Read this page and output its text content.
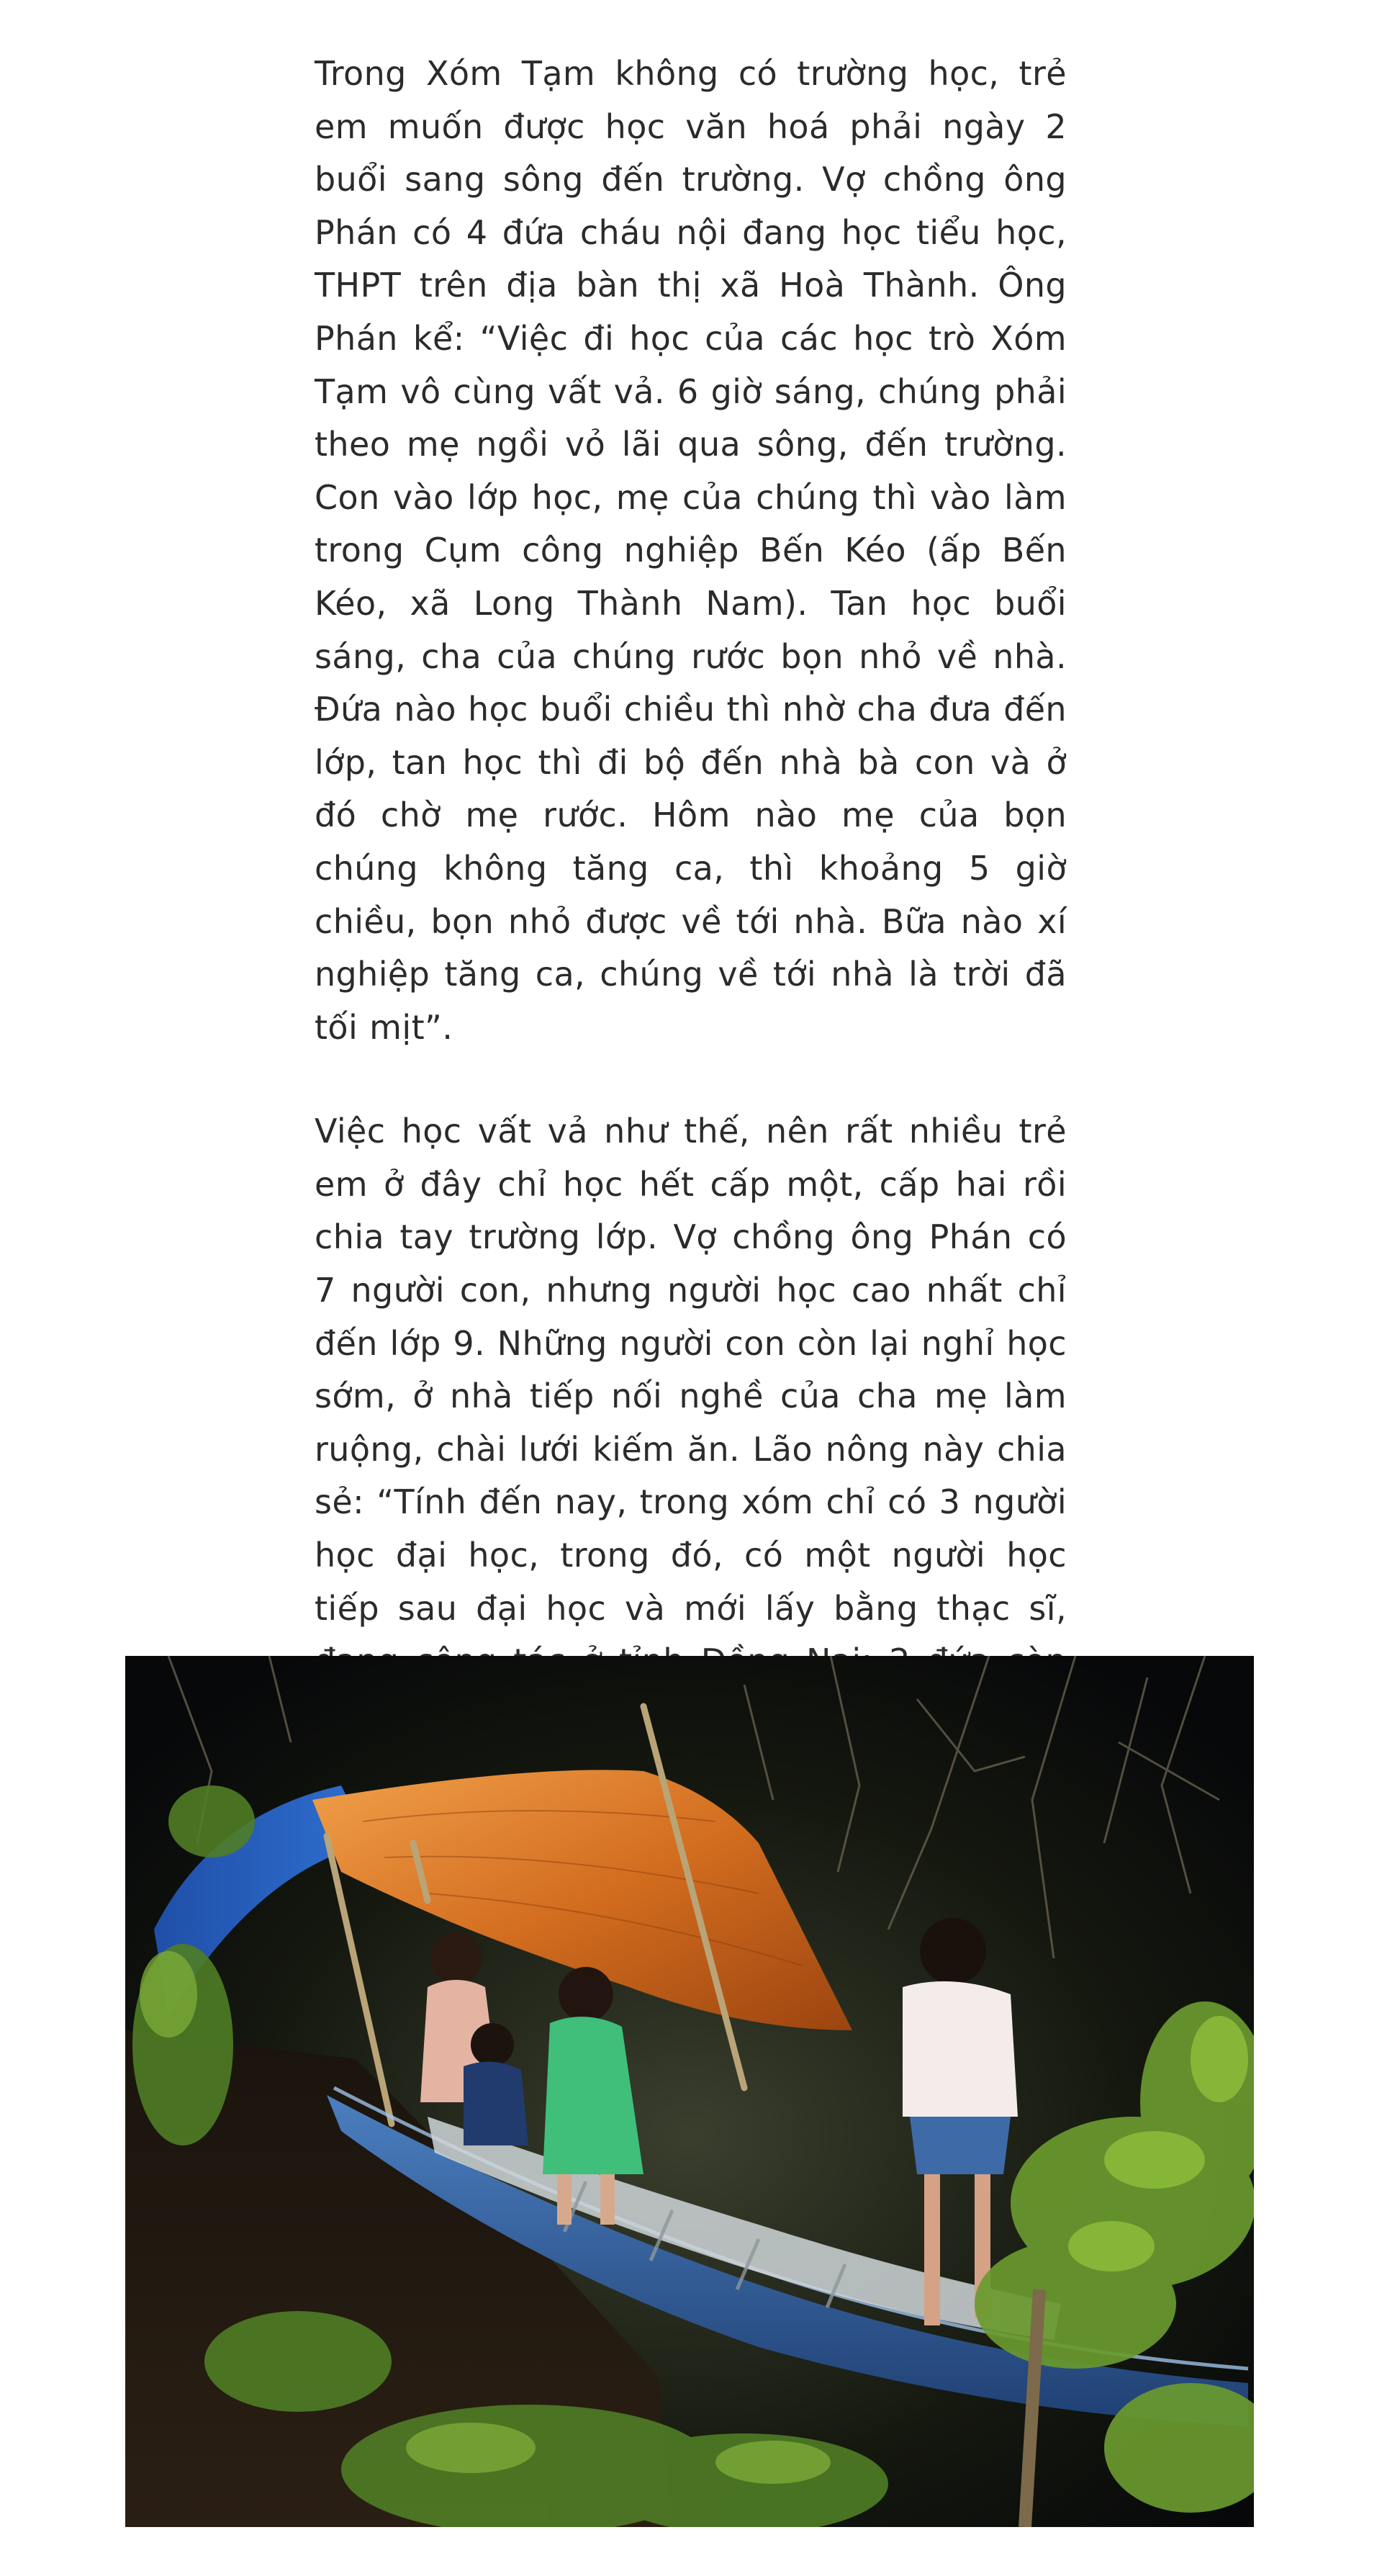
Trong Xóm Tạm không có trường học, trẻ em muốn được học văn hoá phải ngày 2 buổi sang sông đến trường. Vợ chồng ông Phán có 4 đứa cháu nội đang học tiểu học, THPT trên địa bàn thị xã Hoà Thành. Ông Phán kể: “Việc đi học của các học trò Xóm Tạm vô cùng vất vả. 6 giờ sáng, chúng phải theo mẹ ngồi vỏ lãi qua sông, đến trường. Con vào lớp học, mẹ của chúng thì vào làm trong Cụm công nghiệp Bến Kéo (ấp Bến Kéo, xã Long Thành Nam). Tan học buổi sáng, cha của chúng rước bọn nhỏ về nhà. Đứa nào học buổi chiều thì nhờ cha đưa đến lớp, tan học thì đi bộ đến nhà bà con và ở đó chờ mẹ rước. Hôm nào mẹ của bọn chúng không tăng ca, thì khoảng 5 giờ chiều, bọn nhỏ được về tới nhà. Bữa nào xí nghiệp tăng ca, chúng về tới nhà là trời đã tối mịt”.

Việc học vất vả như thế, nên rất nhiều trẻ em ở đây chỉ học hết cấp một, cấp hai rồi chia tay trường lớp. Vợ chồng ông Phán có 7 người con, nhưng người học cao nhất chỉ đến lớp 9. Những người con còn lại nghỉ học sớm, ở nhà tiếp nối nghề của cha mẹ làm ruộng, chài lưới kiếm ăn. Lão nông này chia sẻ: “Tính đến nay, trong xóm chỉ có 3 người học đại học, trong đó, có một người học tiếp sau đại học và mới lấy bằng thạc sĩ,
